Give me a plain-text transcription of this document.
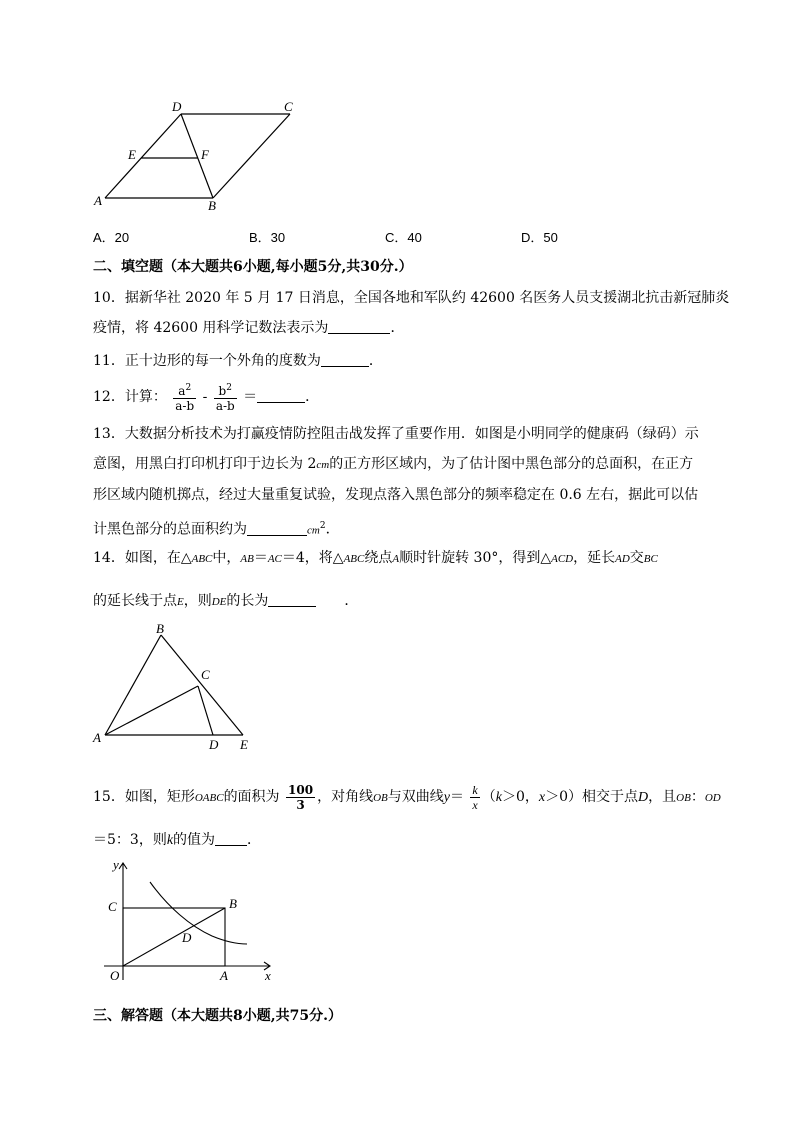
D	C
E	F
A	B
A．20	B．30	C．40	D．50
二、填空题（本大题共6小题,每小题5分,共30分.）
10．据新华社 2020 年 5 月 17 日消息，全国各地和军队约 42600 名医务人员支援湖北抗击新冠肺炎
疫情，将 42600 用科学记数法表示为	．
11．正十边形的每一个外角的度数为	．
12．计算： $\frac{a^2}{a-b} - \frac{b^2}{a-b}$ ＝	．
13．大数据分析技术为打赢疫情防控阻击战发挥了重要作用．如图是小明同学的健康码（绿码）示
意图，用黑白打印机打印于边长为 2cm的正方形区域内，为了估计图中黑色部分的总面积，在正方
形区域内随机掷点，经过大量重复试验，发现点落入黑色部分的频率稳定在 0.6 左右，据此可以估
计黑色部分的总面积约为	$cm^2$．
14．如图，在△ABC中，AB＝AC＝4，将△ABC绕点A顺时针旋转 30°，得到△ACD，延长AD交BC
的延长线于点E，则DE的长为	．
B
C
A	D E
15．如图，矩形OABC的面积为 $\frac{100}{3}$ ，对角线OB与双曲线$y= \frac{k}{x} (k>0$，x＞0）相交于点D，且OB：OD
＝5：3，则k的值为 ．
y
C	B
D
O	A	x
三、解答题（本大题共8小题,共75分.）
